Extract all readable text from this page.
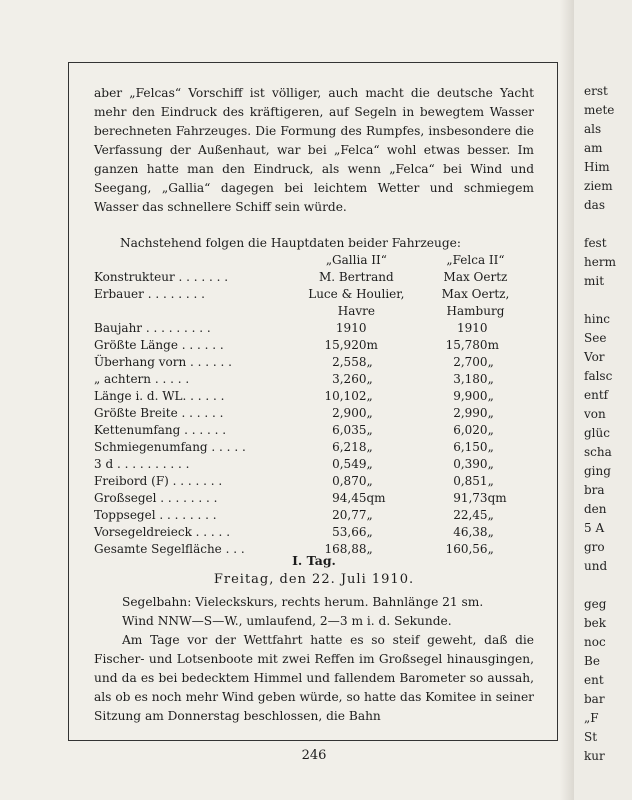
erst
mete
als
am
Him
ziem
das
fest
herm
mit
hinc
See
Vor
falsc
entf
von
glüc
scha
ging
bra
den
5 A
gro
und
geg
bek
noc
Be
ent
bar
„F
St
kur

aber „Felcas“ Vorschiff ist völliger, auch macht die deutsche Yacht mehr den Eindruck des kräftigeren, auf Segeln in bewegtem Wasser berechneten Fahrzeuges. Die Formung des Rumpfes, insbesondere die Verfassung der Außenhaut, war bei „Felca“ wohl etwas besser. Im ganzen hatte man den Eindruck, als wenn „Felca“ bei Wind und Seegang, „Gallia“ dagegen bei leichtem Wetter und schmiegem Wasser das schnellere Schiff sein würde.

Nachstehend folgen die Hauptdaten beider Fahrzeuge:
	„Gallia II“		„Felca II“	
Konstrukteur . . . . . . .	M. Bertrand		Max Oertz	
Erbauer . . . . . . . .	Luce & Houlier,		Max Oertz,	
	Havre		Hamburg	
Baujahr . . . . . . . . .	1910		1910	
Größte Länge . . . . . .	15,920	m	15,780	m
Überhang vorn . . . . . .	2,558	„	2,700	„
„ achtern . . . . .	3,260	„	3,180	„
Länge i. d. WL. . . . . .	10,102	„	9,900	„
Größte Breite . . . . . .	2,900	„	2,990	„
Kettenumfang . . . . . .	6,035	„	6,020	„
Schmiegenumfang . . . . .	6,218	„	6,150	„
3 d . . . . . . . . . .	0,549	„	0,390	„
Freibord (F) . . . . . . .	0,870	„	0,851	„
Großsegel . . . . . . . .	94,45	qm	91,73	qm
Toppsegel . . . . . . . .	20,77	„	22,45	„
Vorsegeldreieck . . . . .	53,66	„	46,38	„
Gesamte Segelfläche . . .	168,88	„	160,56	„
I. Tag.
Freitag, den 22. Juli 1910.

Segelbahn: Vieleckskurs, rechts herum. Bahnlänge 21 sm.

Wind NNW—S—W., umlaufend, 2—3 m i. d. Sekunde.

Am Tage vor der Wettfahrt hatte es so steif geweht, daß die Fischer- und Lotsenboote mit zwei Reffen im Großsegel hinausgingen, und da es bei bedecktem Himmel und fallendem Barometer so aussah, als ob es noch mehr Wind geben würde, so hatte das Komitee in seiner Sitzung am Donnerstag beschlossen, die Bahn

246
